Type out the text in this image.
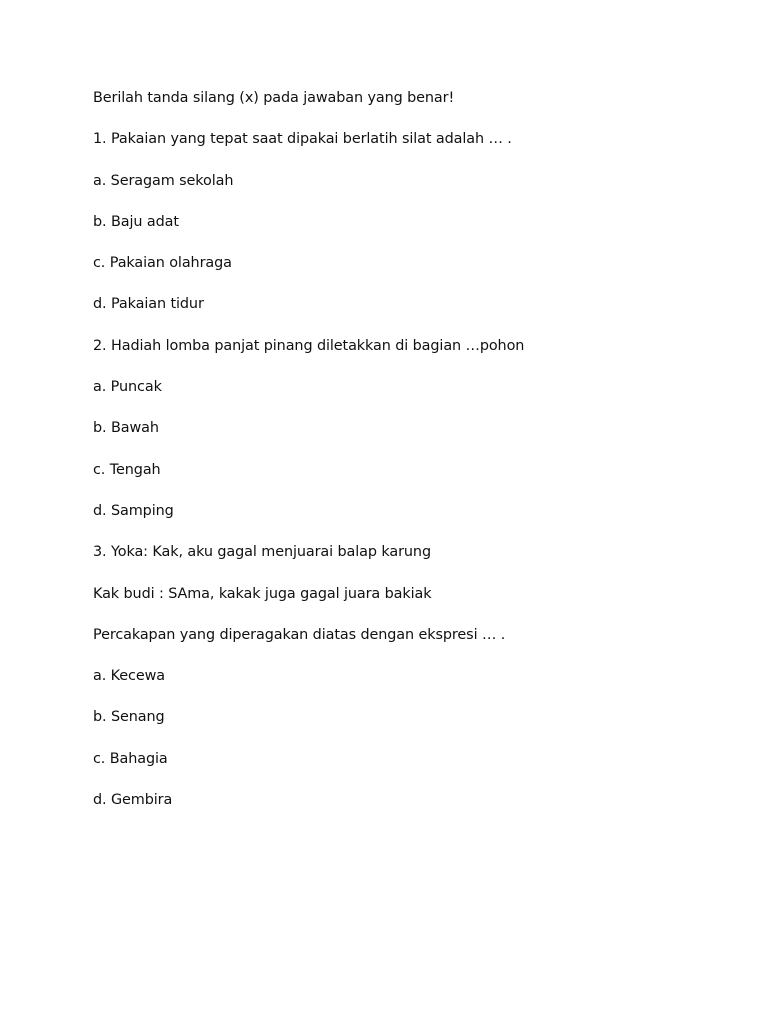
Berilah tanda silang (x) pada jawaban yang benar!
1. Pakaian yang tepat saat dipakai berlatih silat adalah … .
a. Seragam sekolah
b. Baju adat
c. Pakaian olahraga
d. Pakaian tidur
2. Hadiah lomba panjat pinang diletakkan di bagian …pohon
a. Puncak
b. Bawah
c. Tengah
d. Samping
3. Yoka: Kak, aku gagal menjuarai balap karung
Kak budi : SAma, kakak juga gagal juara bakiak
Percakapan yang diperagakan diatas dengan ekspresi … .
a. Kecewa
b. Senang
c. Bahagia
d. Gembira
